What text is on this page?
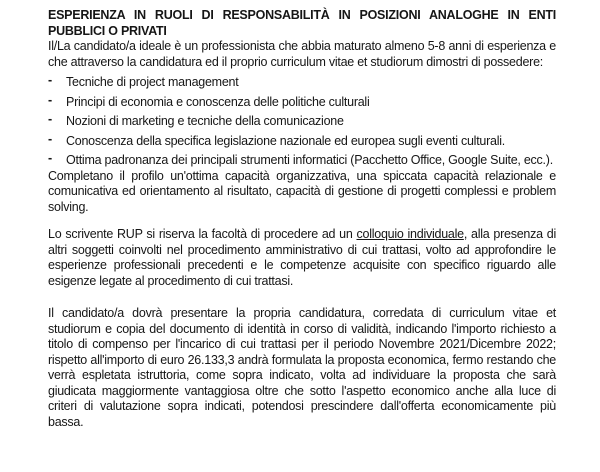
ESPERIENZA IN RUOLI DI RESPONSABILITÀ IN POSIZIONI ANALOGHE IN ENTI PUBBLICI O PRIVATI

Il/La candidato/a ideale è un professionista che abbia maturato almeno 5-8 anni di esperienza e che attraverso la candidatura ed il proprio curriculum vitae et studiorum dimostri di possedere:

-	Tecniche di project management
-	Principi di economia e conoscenza delle politiche culturali
-	Nozioni di marketing e tecniche della comunicazione
-	Conoscenza della specifica legislazione nazionale ed europea sugli eventi culturali.
-	Ottima padronanza dei principali strumenti informatici (Pacchetto Office, Google Suite, ecc.).

Completano il profilo un'ottima capacità organizzativa, una spiccata capacità relazionale e comunicativa ed orientamento al risultato, capacità di gestione di progetti complessi e problem solving.

Lo scrivente RUP si riserva la facoltà di procedere ad un colloquio individuale, alla presenza di altri soggetti coinvolti nel procedimento amministrativo di cui trattasi, volto ad approfondire le esperienze professionali precedenti e le competenze acquisite con specifico riguardo alle esigenze legate al procedimento di cui trattasi.

Il candidato/a dovrà presentare la propria candidatura, corredata di curriculum vitae et studiorum e copia del documento di identità in corso di validità, indicando l'importo richiesto a titolo di compenso per l'incarico di cui trattasi per il periodo Novembre 2021/Dicembre 2022; rispetto all'importo di euro 26.133,3 andrà formulata la proposta economica, fermo restando che verrà espletata istruttoria, come sopra indicato, volta ad individuare la proposta che sarà giudicata maggiormente vantaggiosa oltre che sotto l'aspetto economico anche alla luce di criteri di valutazione sopra indicati, potendosi prescindere dall'offerta economicamente più bassa.
